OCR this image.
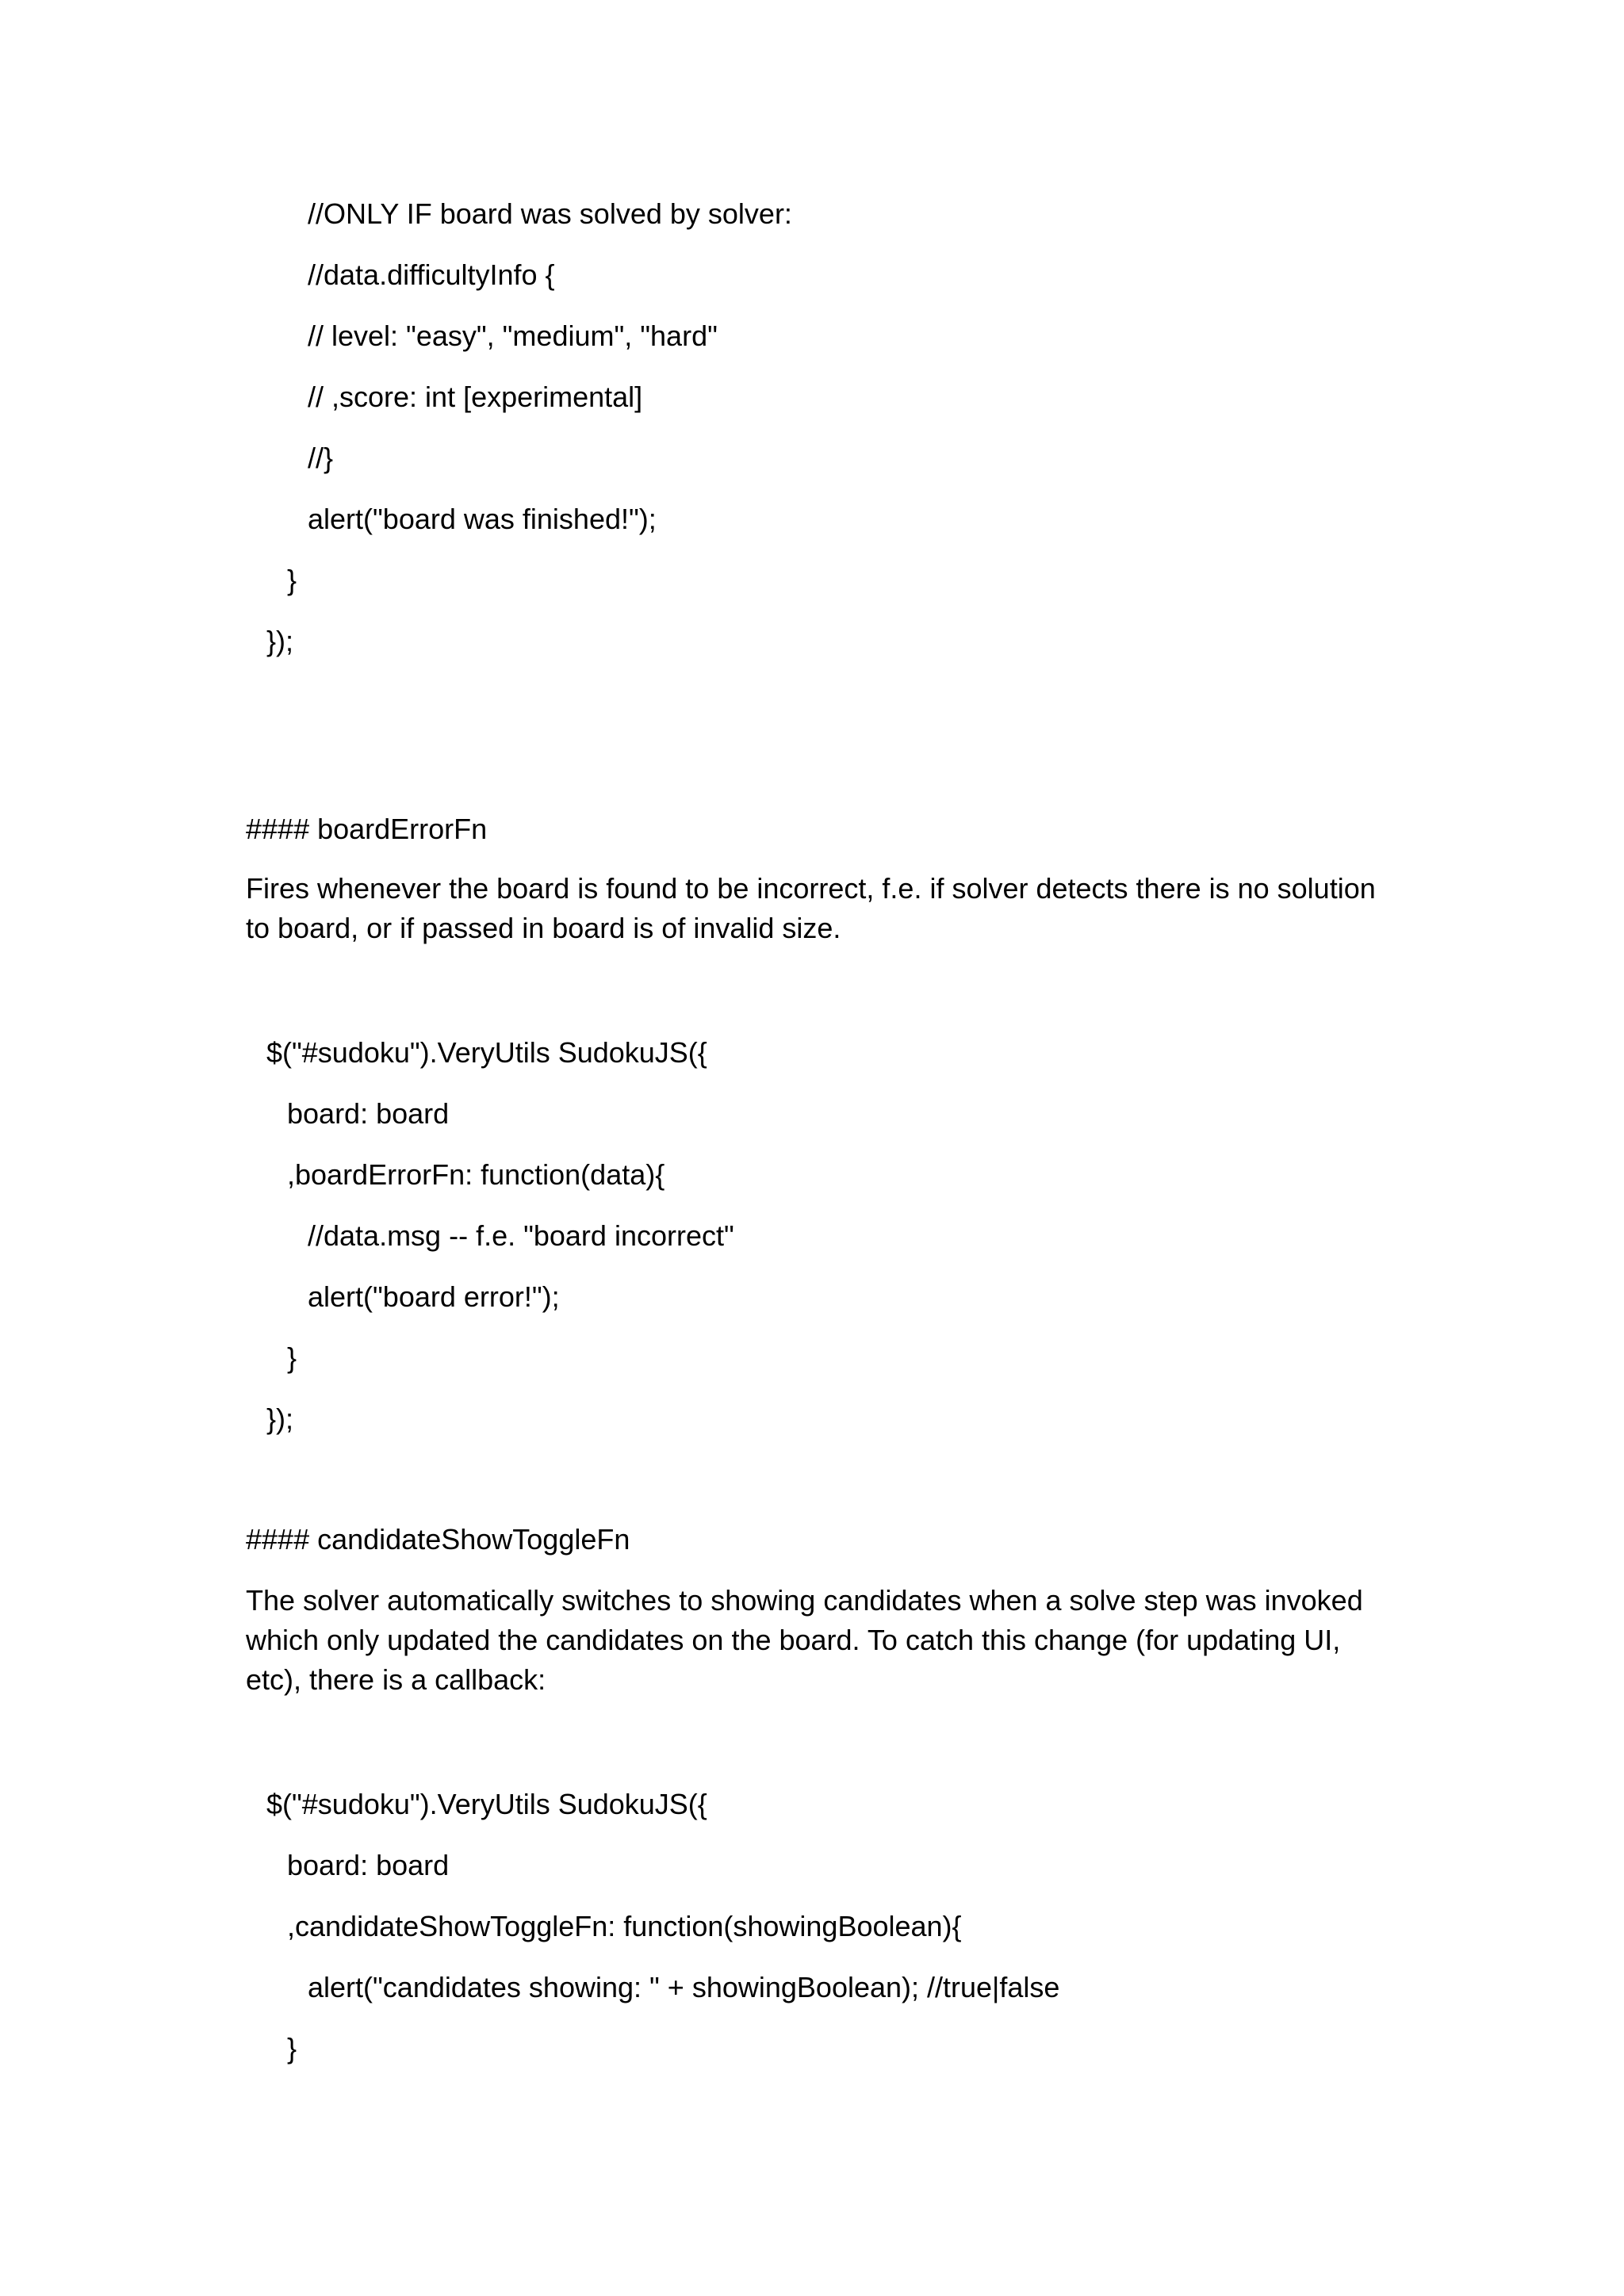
//ONLY IF board was solved by solver:
//data.difficultyInfo {
// level: "easy", "medium", "hard"
// ,score: int [experimental]
//}
alert("board was finished!");
}
});
#### boardErrorFn
Fires whenever the board is found to be incorrect, f.e. if solver detects there is no solution to board, or if passed in board is of invalid size.
$("#sudoku").VeryUtils SudokuJS({
board: board
,boardErrorFn: function(data){
//data.msg -- f.e. "board incorrect"
alert("board error!");
}
});
#### candidateShowToggleFn
The solver automatically switches to showing candidates when a solve step was invoked which only updated the candidates on the board. To catch this change (for updating UI, etc), there is a callback:
$("#sudoku").VeryUtils SudokuJS({
board: board
,candidateShowToggleFn: function(showingBoolean){
alert("candidates showing: " + showingBoolean); //true|false
}
